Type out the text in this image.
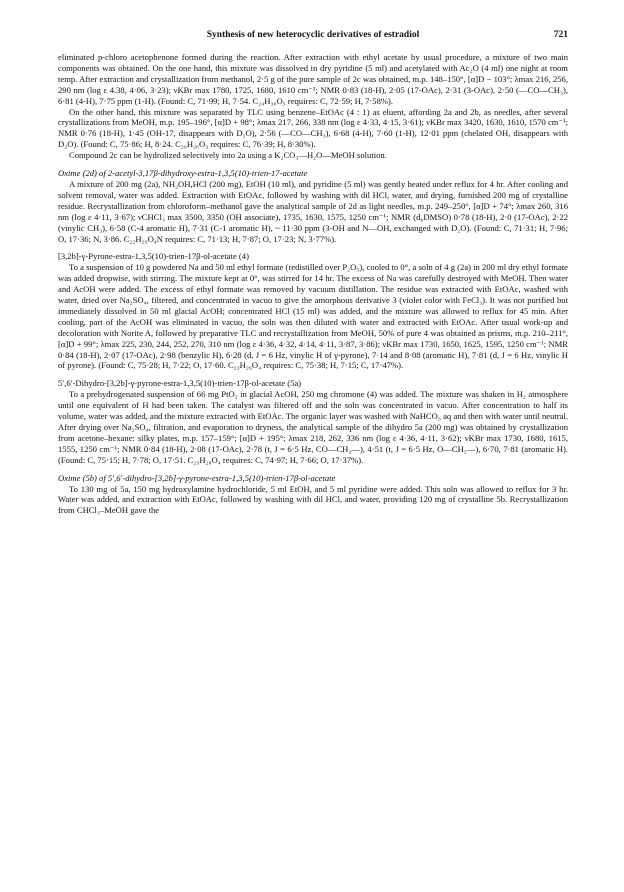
Synthesis of new heterocyclic derivatives of estradiol	721

eliminated p-chloro acetophenone formed during the reaction. After extraction with ethyl acetate by usual procedure, a mixture of two main components was obtained. On the one hand, this mixture was dissolved in dry pyridine (5 ml) and acetylated with Ac₂O (4 ml) one night at room temp. After extraction and crystallization from methanol, 2·5 g of the pure sample of 2c was obtained, m.p. 148–150°, [α]D − 103°; λmax 216, 256, 290 nm (log ε 4.38, 4·06, 3·23); νKBr max 1780, 1725, 1680, 1610 cm⁻¹; NMR 0·83 (18-H), 2·05 (17-OAc), 2·31 (3-OAc), 2·50 (—CO—CH₃), 6·81 (4-H), 7·75 ppm (1-H). (Found: C, 71·99; H, 7·54. C₂₄H₃₀O₅ requires: C, 72·59; H, 7·58%).

On the other hand, this mixture was separated by TLC using benzene–EtOAc (4 : 1) as eluent, affording 2a and 2b, as needles, after several crystallizations from MeOH, m.p. 195–196°, [α]D + 98°; λmax 217, 266, 338 nm (log ε 4·33, 4·15, 3·61); νKBr max 3420, 1630, 1610, 1570 cm⁻¹; NMR 0·76 (18-H), 1·45 (OH-17, disappears with D₂O), 2·56 (—CO—CH₃), 6·68 (4-H), 7·60 (1-H), 12·01 ppm (chelated OH, disappears with D₂O). (Found: C, 75·86; H, 8·24. C₂₀H₂₆O₃ requires: C, 76·39; H, 8·30%).

Compound 2c can be hydrolized selectively into 2a using a K₂CO₃—H₂O—MeOH solution.

Oxime (2d) of 2-acetyl-3,17β-dihydroxy-estra-1,3,5(10)-trien-17-acetate

A mixture of 200 mg (2a), NH₂OH,HCl (200 mg), EtOH (10 ml), and pyridine (5 ml) was gently heated under reflux for 4 hr. After cooling and solvent removal, water was added. Extraction with EtOAc, followed by washing with dil HCl, water, and drying, furnished 200 mg of crystalline residue. Recrystallization from chloroform–methanol gave the analytical sample of 2d as light needles, m.p. 249–250°, [α]D + 74°; λmax 260, 316 nm (log ε 4·11, 3·67); νCHCl₃ max 3500, 3350 (OH associate), 1735, 1630, 1575, 1250 cm⁻¹; NMR (d₆DMSO) 0·78 (18-H), 2·0 (17-OAc), 2·22 (vinylic CH₃), 6·58 (C-4 aromatic H), 7·31 (C-1 aromatic H), ~ 11·30 ppm (3-OH and N—OH, exchanged with D₂O). (Found: C, 71·31; H, 7·96; O, 17·36; N, 3·86. C₂₂H₂₉O₄N requires: C, 71·13; H, 7·87; O, 17·23; N, 3·77%).

[3,2b]-γ-Pyrone-estra-1,3,5(10)-trien-17β-ol-acetate (4)

To a suspension of 10 g powdered Na and 50 ml ethyl formate (redistilled over P₂O₅), cooled to 0°, a soln of 4 g (2a) in 200 ml dry ethyl formate was added dropwise, with stirring. The mixture kept at 0°, was stirred for 14 hr. The excess of Na was carefully destroyed with MeOH. Then water and AcOH were added. The excess of ethyl formate was removed by vacuum distillation. The residue was extracted with EtOAc, washed with water, dried over Na₂SO₄, filtered, and concentrated in vacuo to give the amorphous derivative 3 (violet color with FeCl₃). It was not purified but immediately dissolved in 50 ml glacial AcOH; concentrated HCl (15 ml) was added, and the mixture was allowed to reflux for 45 min. After cooling, part of the AcOH was eliminated in vacuo, the soln was then diluted with water and extracted with EtOAc. After usual work-up and decoloration with Norite A, followed by preparative TLC and recrystallization from MeOH, 50% of pure 4 was obtained as prisms, m.p. 210–211°, [α]D + 99°; λmax 225, 230, 244, 252, 270, 310 nm (log ε 4·36, 4·32, 4·14, 4·11, 3·87, 3·86); νKBr max 1730, 1650, 1625, 1595, 1250 cm⁻¹; NMR 0·84 (18-H), 2·07 (17-OAc), 2·98 (benzylic H), 6·28 (d, J = 6 Hz, vinylic H of γ-pyrone), 7·14 and 8·08 (aromatic H), 7·81 (d, J = 6 Hz, vinylic H of pyrone). (Found: C, 75·28; H, 7·22; O, 17·60. C₂₃H₂₆O₄ requires: C, 75·38; H, 7·15; C, 17·47%).

5′,6′-Dihydro-[3,2b]-γ-pyrone-estra-1,3,5(10)-trien-17β-ol-acetate (5a)

To a prehydrogenated suspension of 66 mg PtO₂ in glacial AcOH, 250 mg chromone (4) was added. The mixture was shaken in H₂ atmosphere until one equivalent of H had been taken. The catalyst was filtered off and the soln was concentrated in vacuo. After concentration to half its volume, water was added, and the mixture extracted with EtOAc. The organic layer was washed with NaHCO₃ aq and then with water until neutral. After drying over Na₂SO₄, filtration, and evaporation to dryness, the analytical sample of the dihydro 5a (200 mg) was obtained by crystallization from acetone–hexane: silky plates, m.p. 157–159°; [α]D + 195°; λmax 218, 262, 336 nm (log ε 4·36, 4·11, 3·62); νKBr max 1730, 1680, 1615, 1555, 1250 cm⁻¹; NMR 0·84 (18-H), 2·08 (17-OAc), 2·78 (t, J = 6·5 Hz, CO—CH₂—), 4·51 (t, J = 6·5 Hz, O—CH₂—), 6·70, 7·81 (aromatic H). (Found: C, 75·15; H, 7·78; O, 17·51. C₂₃H₂₈O₄ requires: C, 74·97; H, 7·66; O, 17·37%).

Oxime (5b) of 5′,6′-dihydro-[3,2b]-γ-pyrone-estra-1,3,5(10)-trien-17β-ol-acetate

To 130 mg of 5a, 150 mg hydroxylamine hydrochloride, 5 ml EtOH, and 5 ml pyridine were added. This soln was allowed to reflux for 3 hr. Water was added, and extraction with EtOAc, followed by washing with dil HCl, and water, providing 120 mg of crystalline 5b. Recrystallization from CHCl₃–MeOH gave the
